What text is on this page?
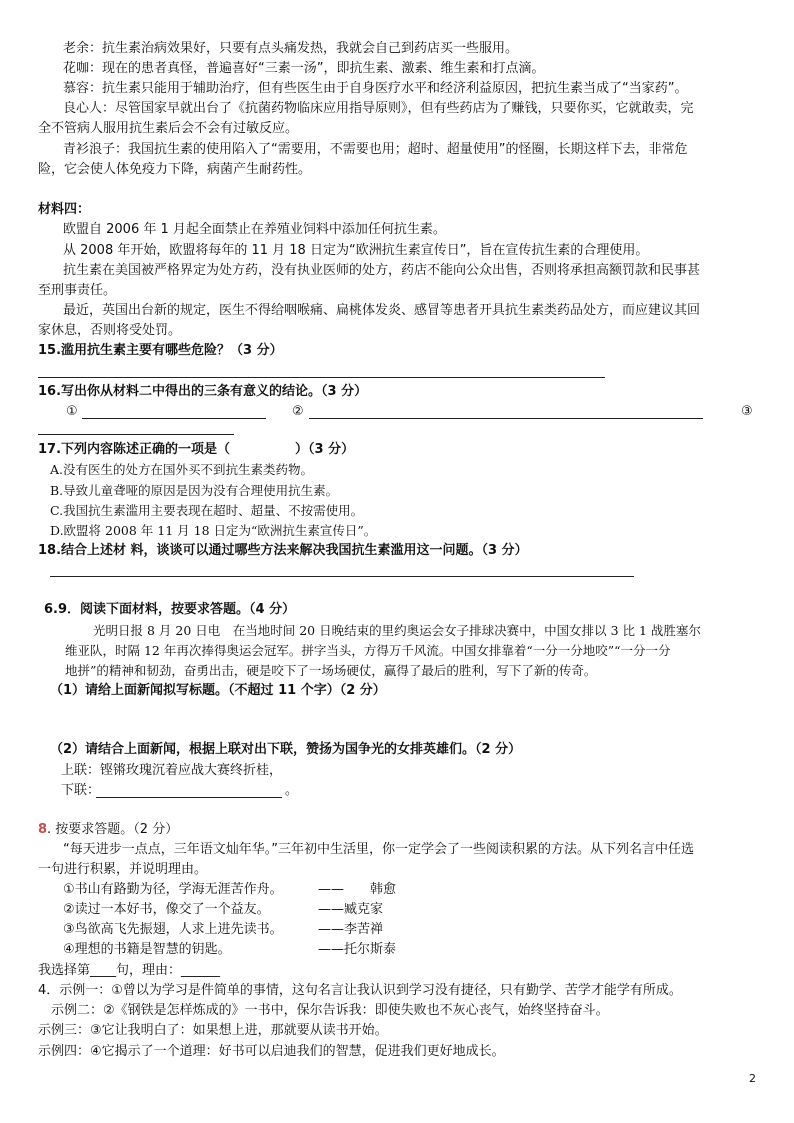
老余：抗生素治病效果好，只要有点头痛发热，我就会自己到药店买一些服用。
花咖：现在的患者真怪，普遍喜好“三素一汤”，即抗生素、激素、维生素和打点滴。
慕容：抗生素只能用于辅助治疗，但有些医生由于自身医疗水平和经济利益原因，把抗生素当成了“当家药”。
良心人：尽管国家早就出台了《抗菌药物临床应用指导原则》，但有些药店为了赚钱，只要你买，它就敢卖，完
全不管病人服用抗生素后会不会有过敏反应。
青衫浪子：我国抗生素的使用陷入了“需要用，不需要也用；超时、超量使用”的怪圈，长期这样下去，非常危
险，它会使人体免疫力下降，病菌产生耐药性。
材料四：
欧盟自 2006 年 1 月起全面禁止在养殖业饲料中添加任何抗生素。
从 2008 年开始，欧盟将每年的 11 月 18 日定为“欧洲抗生素宣传日”，旨在宣传抗生素的合理使用。
抗生素在美国被严格界定为处方药，没有执业医师的处方，药店不能向公众出售，否则将承担高额罚款和民事甚
至刑事责任。
最近，英国出台新的规定，医生不得给咽喉痛、扁桃体发炎、感冒等患者开具抗生素类药品处方，而应建议其回
家休息，否则将受处罚。
15.滥用抗生素主要有哪些危险？（3 分）
16.写出你从材料二中得出的三条有意义的结论。（3 分）
①	②	③
17.下列内容陈述正确的一项是（　　　　　）（3 分）
A.没有医生的处方在国外买不到抗生素类药物。
B.导致儿童聋哑的原因是因为没有合理使用抗生素。
C.我国抗生素滥用主要表现在超时、超量、不按需使用。
D.欧盟将 2008 年 11 月 18 日定为“欧洲抗生素宣传日”。
18.结合上述材 料，谈谈可以通过哪些方法来解决我国抗生素滥用这一问题。（3 分）
6.9．阅读下面材料，按要求答题。（4 分）
光明日报 8 月 20 日电　在当地时间 20 日晚结束的里约奥运会女子排球决赛中，中国女排以 3 比 1 战胜塞尔
维亚队，时隔 12 年再次捧得奥运会冠军。拼字当头，方得万千风流。中国女排靠着“一分一分地咬”“一分一分
地拼”的精神和韧劲，奋勇出击，硬是咬下了一场场硬仗，赢得了最后的胜利，写下了新的传奇。
（1）请给上面新闻拟写标题。（不超过 11 个字）（2 分）
（2）请结合上面新闻，根据上联对出下联，赞扬为国争光的女排英雄们。（2 分）
上联：铿锵玫瑰沉着应战大赛终折桂，
下联：	。
8. 按要求答题。（2 分）
“每天进步一点点，三年语文灿年华。”三年初中生活里，你一定学会了一些阅读积累的方法。从下列名言中任选
一句进行积累，并说明理由。
①书山有路勤为径，学海无涯苦作舟。	——　　韩愈
②读过一本好书，像交了一个益友。	——臧克家
③鸟欲高飞先振翅，人求上进先读书。	——李苦禅
④理想的书籍是智慧的钥匙。	——托尔斯泰
我选择第____句，理由：______
4．示例一：①曾以为学习是件简单的事情，这句名言让我认识到学习没有捷径，只有勤学、苦学才能学有所成。
　示例二：②《钢铁是怎样炼成的》一书中，保尔告诉我：即使失败也不灰心丧气，始终坚持奋斗。
示例三：③它让我明白了：如果想上进，那就要从读书开始。
示例四：④它揭示了一个道理：好书可以启迪我们的智慧，促进我们更好地成长。
2
